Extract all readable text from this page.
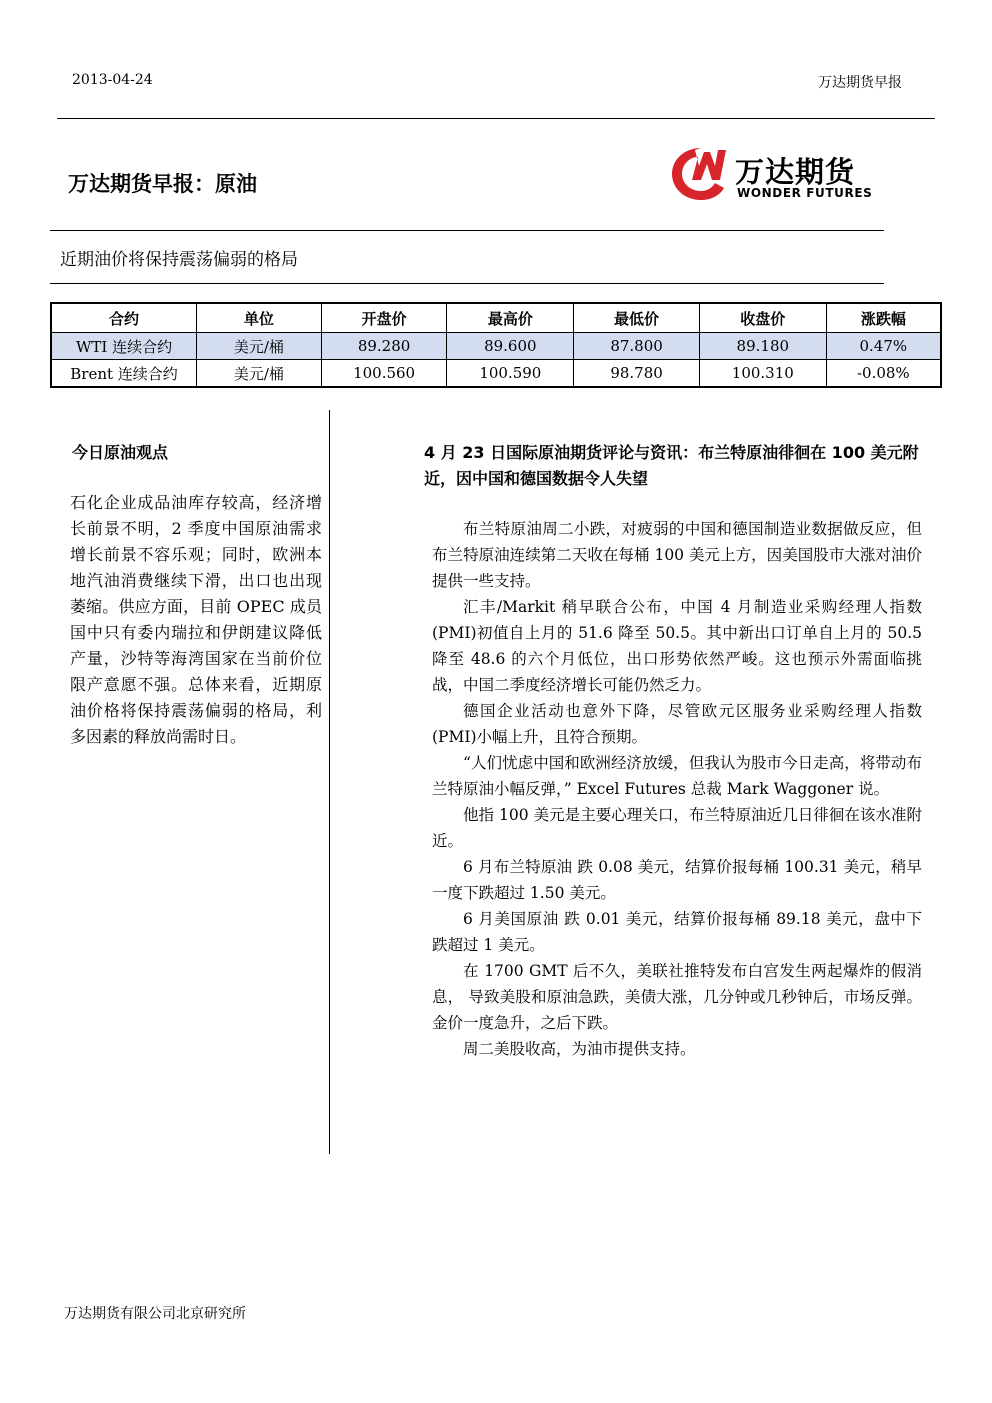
2013-04-24	万达期货早报
万达期货早报：原油	万达期货
WONDER FUTURES
近期油价将保持震荡偏弱的格局
合约	单位	开盘价	最高价	最低价	收盘价	涨跌幅
WTI 连续合约	美元/桶	89.280	89.600	87.800	89.180	0.47%
Brent 连续合约	美元/桶	100.560	100.590	98.780	100.310	-0.08%
今日原油观点
石化企业成品油库存较高，经济增长前景不明，2 季度中国原油需求增长前景不容乐观；同时，欧洲本地汽油消费继续下滑，出口也出现萎缩。供应方面，目前 OPEC 成员国中只有委内瑞拉和伊朗建议降低产量，沙特等海湾国家在当前价位限产意愿不强。总体来看，近期原油价格将保持震荡偏弱的格局，利多因素的释放尚需时日。
4 月 23 日国际原油期货评论与资讯：布兰特原油徘徊在 100 美元附近，因中国和德国数据令人失望

布兰特原油周二小跌，对疲弱的中国和德国制造业数据做反应，但布兰特原油连续第二天收在每桶 100 美元上方，因美国股市大涨对油价提供一些支持。

汇丰/Markit 稍早联合公布，中国 4 月制造业采购经理人指数(PMI)初值自上月的 51.6 降至 50.5。其中新出口订单自上月的 50.5 降至 48.6 的六个月低位，出口形势依然严峻。这也预示外需面临挑战，中国二季度经济增长可能仍然乏力。

德国企业活动也意外下降，尽管欧元区服务业采购经理人指数(PMI)小幅上升，且符合预期。

“人们忧虑中国和欧洲经济放缓，但我认为股市今日走高，将带动布兰特原油小幅反弹，” Excel Futures 总裁 Mark Waggoner 说。

他指 100 美元是主要心理关口，布兰特原油近几日徘徊在该水准附近。

6 月布兰特原油 跌 0.08 美元，结算价报每桶 100.31 美元，稍早一度下跌超过 1.50 美元。

6 月美国原油 跌 0.01 美元，结算价报每桶 89.18 美元，盘中下跌超过 1 美元。

在 1700 GMT 后不久，美联社推特发布白宫发生两起爆炸的假消息， 导致美股和原油急跌，美债大涨，几分钟或几秒钟后，市场反弹。金价一度急升，之后下跌。

周二美股收高，为油市提供支持。

万达期货有限公司北京研究所
